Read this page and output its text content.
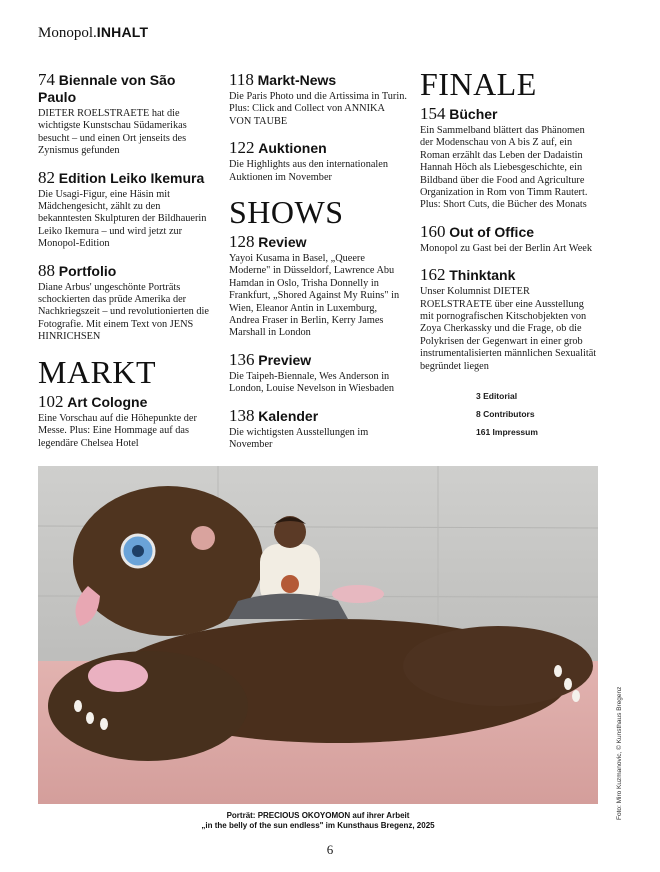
Monopol.INHALT
74 Biennale von São Paulo
DIETER ROELSTRAETE hat die wichtigste Kunstschau Südamerikas besucht – und einen Ort jenseits des Zynismus gefunden
82 Edition Leiko Ikemura
Die Usagi-Figur, eine Häsin mit Mädchengesicht, zählt zu den bekanntesten Skulpturen der Bildhauerin Leiko Ikemura – und wird jetzt zur Monopol-Edition
88 Portfolio
Diane Arbus' ungeschönte Porträts schockierten das prüde Amerika der Nachkriegszeit – und revolutionierten die Fotografie. Mit einem Text von JENS HINRICHSEN
MARKT
102 Art Cologne
Eine Vorschau auf die Höhepunkte der Messe. Plus: Eine Hommage auf das legendäre Chelsea Hotel
118 Markt-News
Die Paris Photo und die Artissima in Turin. Plus: Click and Collect von ANNIKA VON TAUBE
122 Auktionen
Die Highlights aus den internationalen Auktionen im November
SHOWS
128 Review
Yayoi Kusama in Basel, „Queere Moderne" in Düsseldorf, Lawrence Abu Hamdan in Oslo, Trisha Donnelly in Frankfurt, „Shored Against My Ruins" in Wien, Eleanor Antin in Luxemburg, Andrea Fraser in Berlin, Kerry James Marshall in London
136 Preview
Die Taipeh-Biennale, Wes Anderson in London, Louise Nevelson in Wiesbaden
138 Kalender
Die wichtigsten Ausstellungen im November
FINALE
154 Bücher
Ein Sammelband blättert das Phänomen der Modenschau von A bis Z auf, ein Roman erzählt das Leben der Dadaistin Hannah Höch als Liebesgeschichte, ein Bildband über die Food and Agriculture Organization in Rom von Timm Rautert. Plus: Short Cuts, die Bücher des Monats
160 Out of Office
Monopol zu Gast bei der Berlin Art Week
162 Thinktank
Unser Kolumnist DIETER ROELSTRAETE über eine Ausstellung mit pornografischen Kitschobjekten von Zoya Cherkassky und die Frage, ob die Polykrisen der Gegenwart in einer grob instrumentalisierten männlichen Sexualität begründet liegen
3 Editorial
8 Contributors
161 Impressum
Foto: Miro Kuzmanovic, © Kunsthaus Bregenz
Porträt: PRECIOUS OKOYOMON auf ihrer Arbeit
„in the belly of the sun endless" im Kunsthaus Bregenz, 2025
6
